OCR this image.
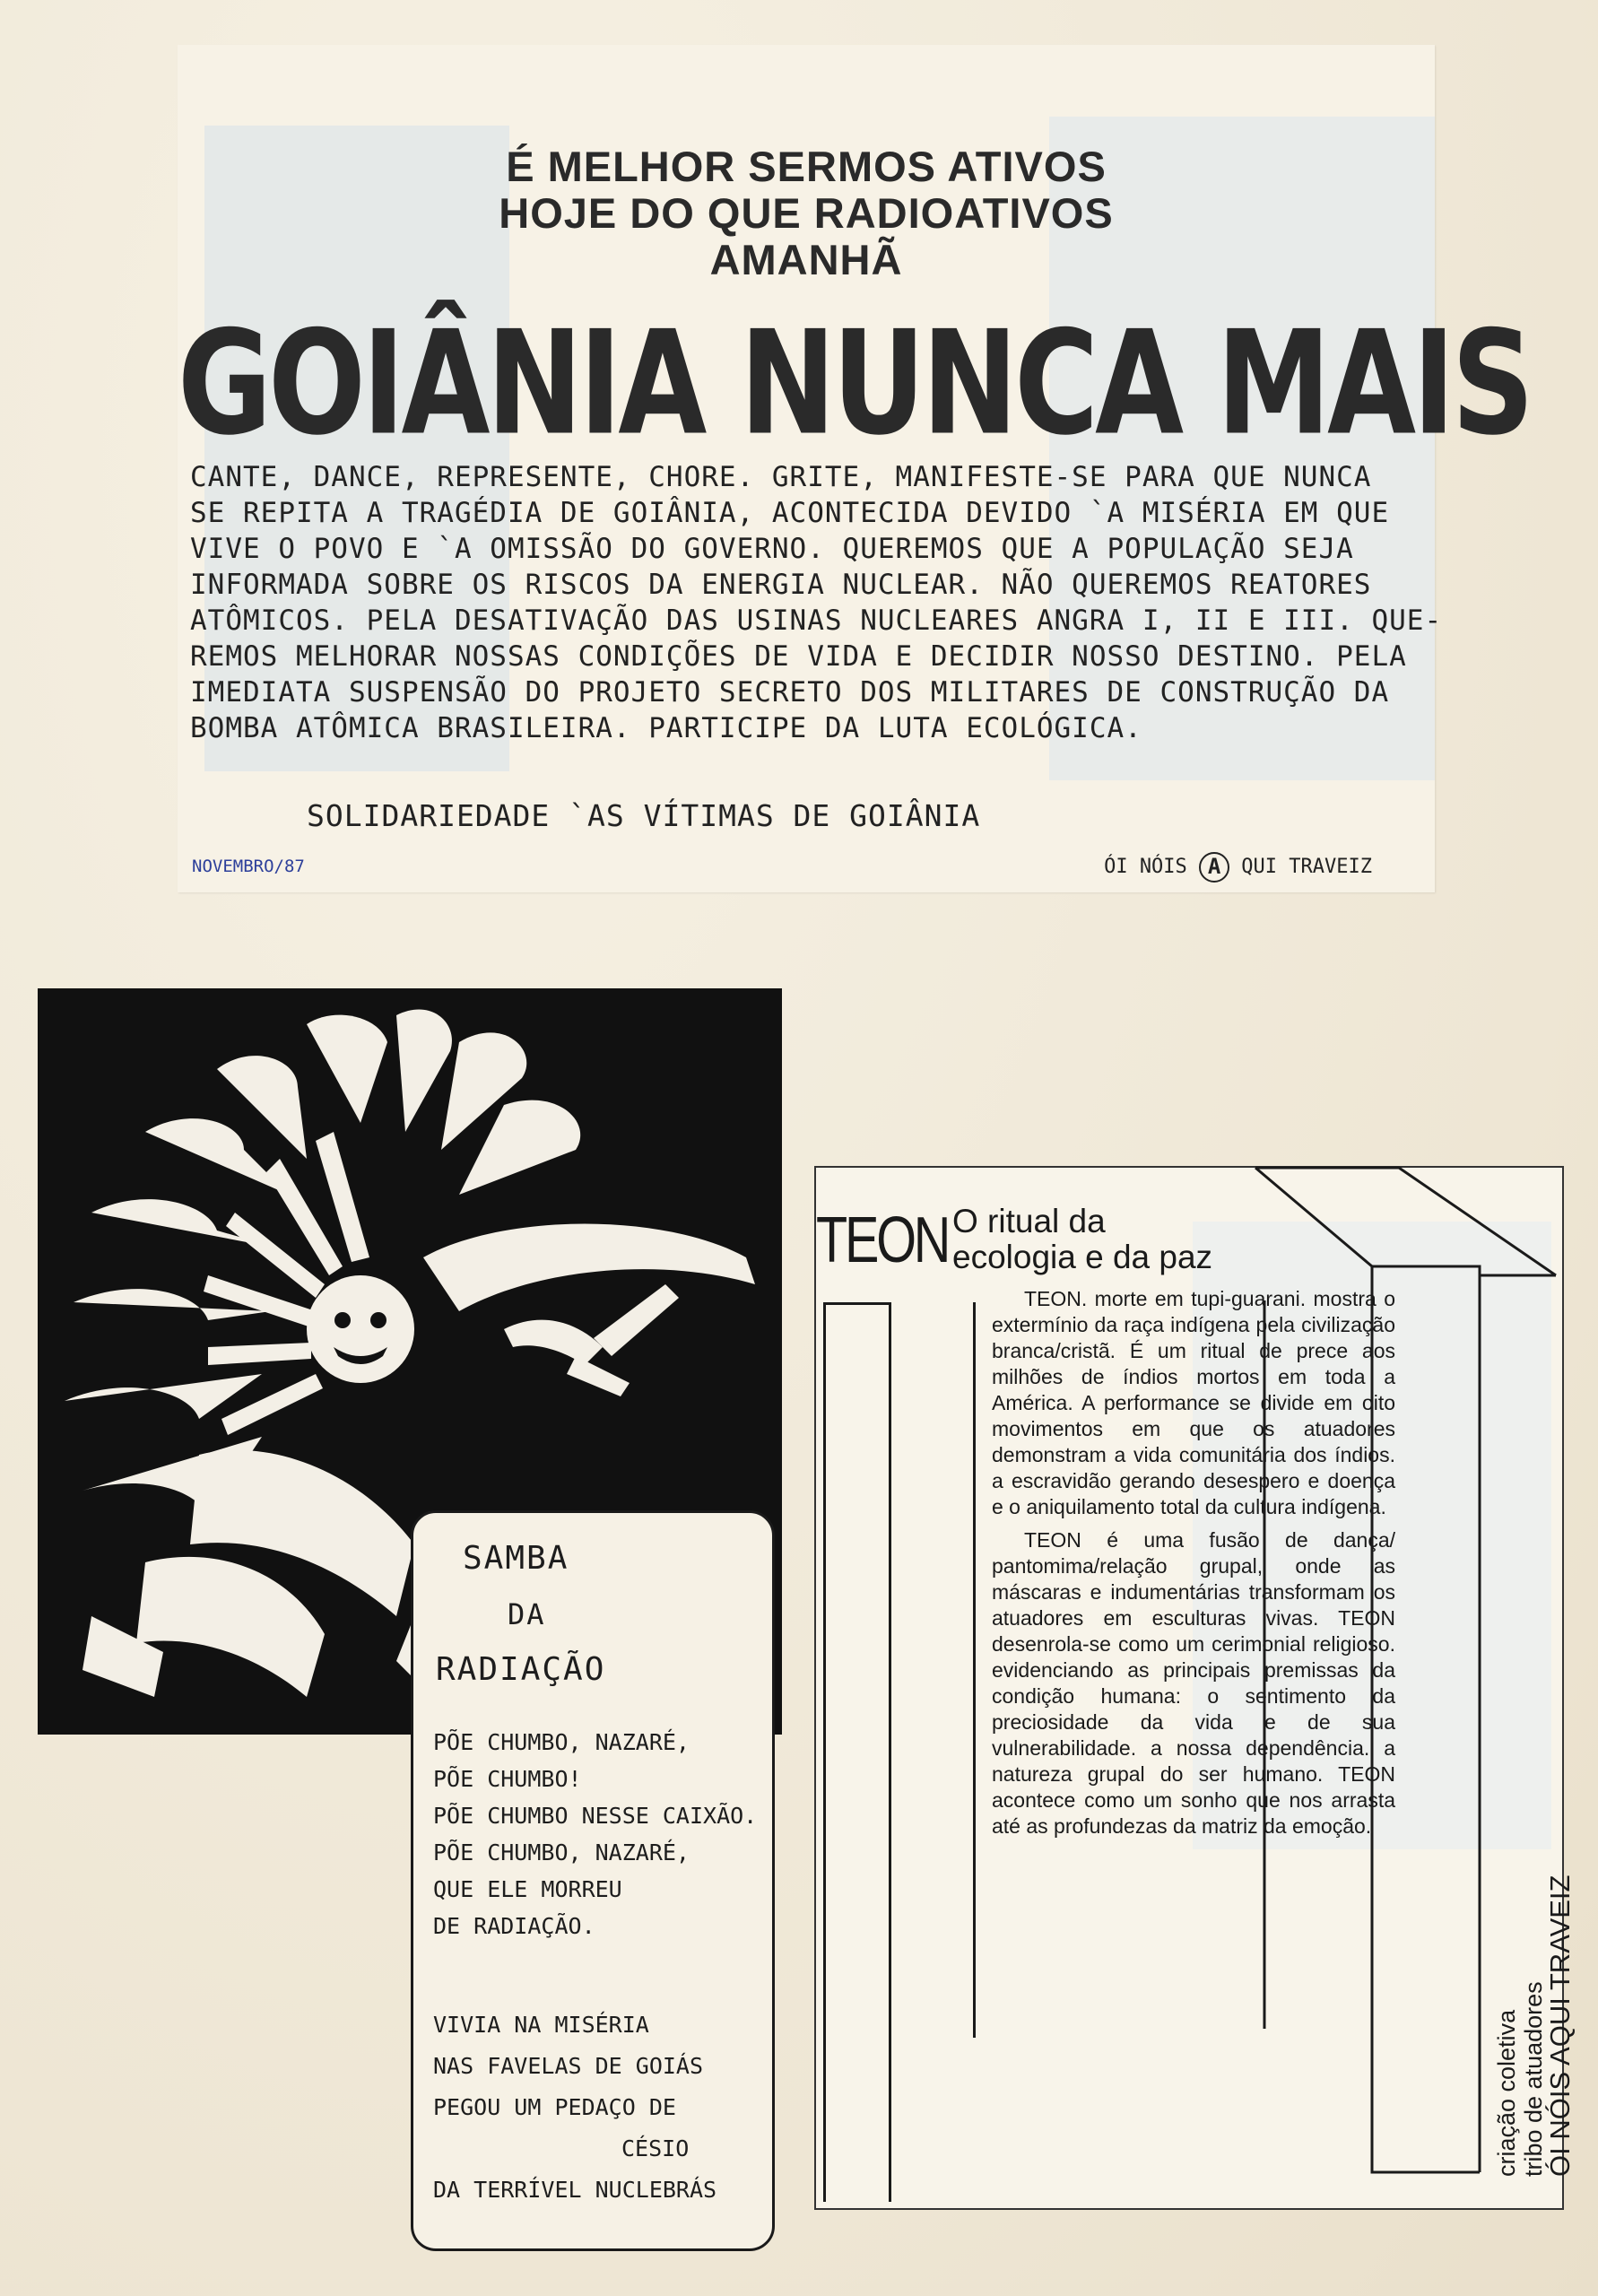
É MELHOR SERMOS ATIVOS
HOJE DO QUE RADIOATIVOS
AMANHÃ
GOIÂNIA NUNCA MAIS
CANTE, DANCE, REPRESENTE, CHORE. GRITE, MANIFESTE-SE PARA QUE NUNCA
SE REPITA A TRAGÉDIA DE GOIÂNIA, ACONTECIDA DEVIDO `A MISÉRIA EM QUE
VIVE O POVO E `A OMISSÃO DO GOVERNO. QUEREMOS QUE A POPULAÇÃO SEJA
INFORMADA SOBRE OS RISCOS DA ENERGIA NUCLEAR. NÃO QUEREMOS REATORES
ATÔMICOS. PELA DESATIVAÇÃO DAS USINAS NUCLEARES ANGRA I, II E III. QUE-
REMOS MELHORAR NOSSAS CONDIÇÕES DE VIDA E DECIDIR NOSSO DESTINO. PELA
IMEDIATA SUSPENSÃO DO PROJETO SECRETO DOS MILITARES DE CONSTRUÇÃO DA
BOMBA ATÔMICA BRASILEIRA. PARTICIPE DA LUTA ECOLÓGICA.
SOLIDARIEDADE `AS VÍTIMAS DE GOIÂNIA
NOVEMBRO/87	ÓI NÓIS A QUI TRAVEIZ
SAMBA
DA
RADIAÇÃO
PÕE CHUMBO, NAZARÉ,
PÕE CHUMBO!
PÕE CHUMBO NESSE CAIXÃO.
PÕE CHUMBO, NAZARÉ,
QUE ELE MORREU
DE RADIAÇÃO.
VIVIA NA MISÉRIA
NAS FAVELAS DE GOIÁS
PEGOU UM PEDAÇO DE
CÉSIO
DA TERRÍVEL NUCLEBRÁS
TEON O ritual da
ecologia e da paz

TEON. morte em tupi-guarani. mostra o extermínio da raça indígena pela civilização branca/cristã. É um ritual de prece aos milhões de índios mortos em toda a América. A performance se divide em oito movimentos em que os atuadores demonstram a vida comunitária dos índios. a escravidão gerando desespero e doença e o aniquilamento total da cultura indígena.

TEON é uma fusão de dança/ pantomima/relação grupal, onde as máscaras e indumentárias transformam os atuadores em esculturas vivas. TEON desenrola-se como um cerimonial religioso. evidenciando as principais premissas da condição humana: o sentimento da preciosidade da vida e de sua vulnerabilidade. a nossa dependência. a natureza grupal do ser humano. TEON acontece como um sonho que nos arrasta até as profundezas da matriz da emoção.

criação coletiva tribo de atuadores
ÓI NÓIS AQUI TRAVEIZ
